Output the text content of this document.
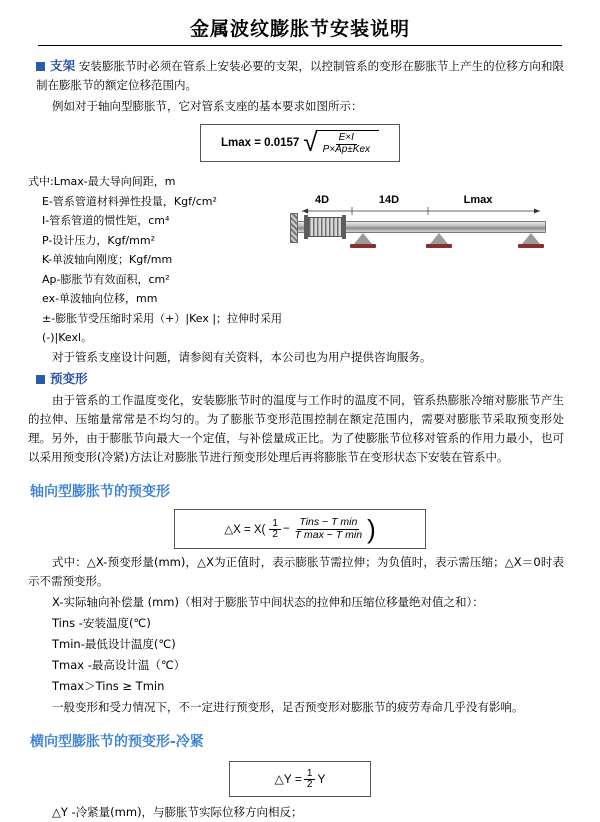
金属波纹膨胀节安装说明

支架 安装膨胀节时必须在管系上安装必要的支架，以控制管系的变形在膨胀节上产生的位移方向和限制在膨胀节的额定位移范围内。

例如对于轴向型膨胀节，它对管系支座的基本要求如图所示：

Lmax = 0.0157 √ $\frac{E\times I}{\text{P×Ap±Kex}}$
式中:Lmax-最大导向间距，m
E-管系管道材料弹性投量，Kgf/cm²
I-管系管道的惯性矩，cm⁴
P-设计压力，Kgf/mm²
K-单波轴向刚度；Kgf/mm
Ap-膨胀节有效面积，cm²
ex-单波轴向位移，mm
±-膨胀节受压缩时采用（+）|Kex |；拉伸时采用(-)|Kexl。
4D	14D	Lmax

对于管系支座设计问题，请参阅有关资料，本公司也为用户提供咨询服务。

预变形

由于管系的工作温度变化，安装膨胀节时的温度与工作时的温度不同，管系热膨胀冷缩对膨胀节产生的拉伸、压缩量常常是不均匀的。为了膨胀节变形范围控制在额定范围内，需要对膨胀节采取预变形处理。另外，由于膨胀节向最大一个定值，与补偿量成正比。为了使膨胀节位移对管系的作用力最小，也可以采用预变形(冷紧)方法让对膨胀节进行预变形处理后再将膨胀节在变形状态下安装在管系中。

轴向型膨胀节的预变形
△X = $X( \frac{1}{2} - \frac{\text{Tins − T min}}{\text{T max − T min}}$ )

式中：△X-预变形量(mm)，△X为正值时，表示膨胀节需拉伸；为负值时，表示需压缩；△X＝0时表示不需预变形。

X-实际轴向补偿量 (mm)（相对于膨胀节中间状态的拉伸和压缩位移量绝对值之和）：

Tins -安装温度(℃)

Tmin-最低设计温度(℃)

Tmax -最高设计温（℃）

Tmax＞Tins ≥ Tmin

一般变形和受力情况下，不一定进行预变形，足否预变形对膨胀节的疲劳寿命几乎没有影响。

横向型膨胀节的预变形-冷紧
△Y = $\frac{1}{2}$ Y

△Y -冷紧量(mm)，与膨胀节实际位移方向相反；
